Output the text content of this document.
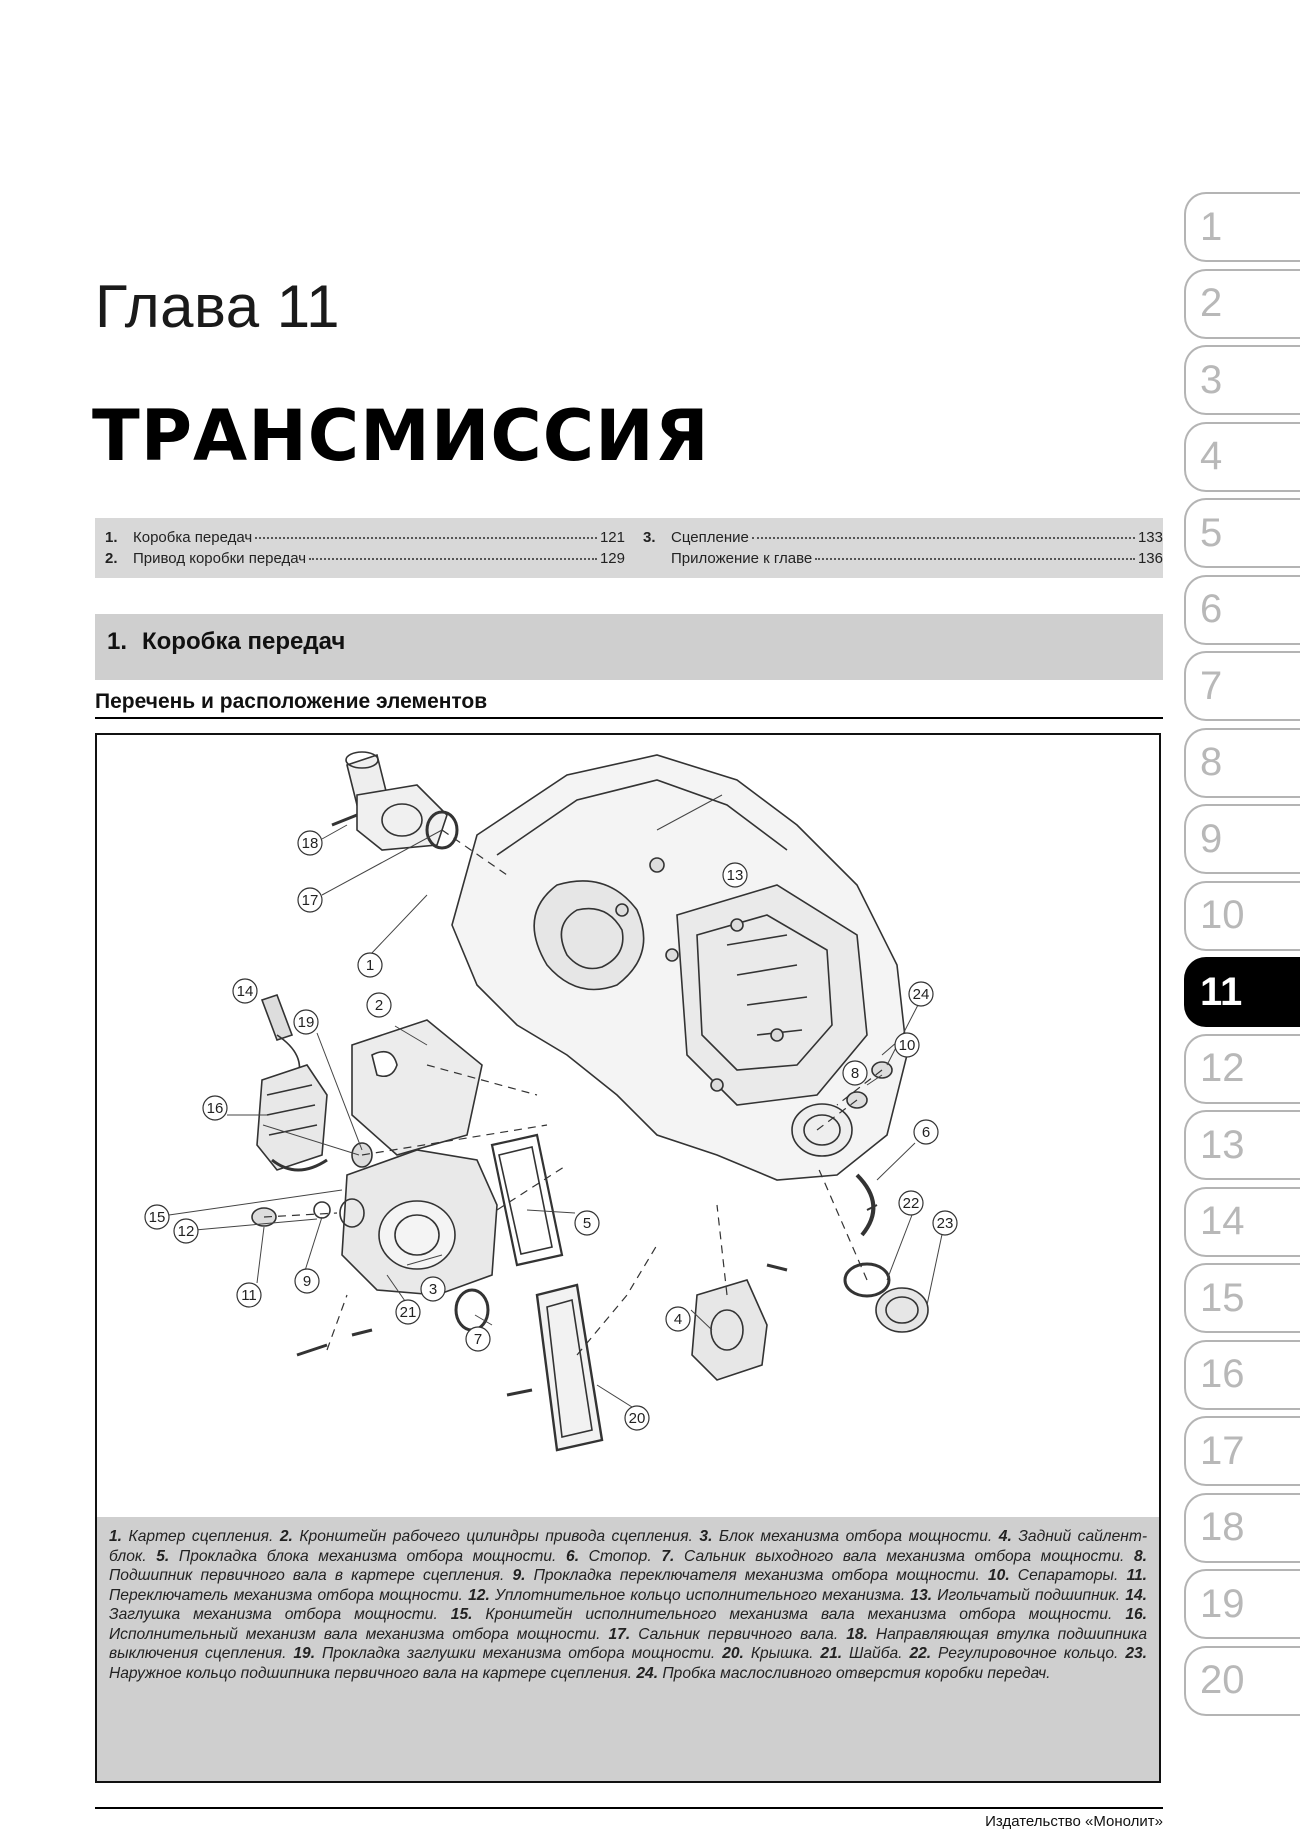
Глава 11
ТРАНСМИССИЯ
1.	Коробка передач	121
2.	Привод коробки передач	129
3.	Сцепление	133
Приложение к главе	136
1. Коробка передач
Перечень и расположение элементов
1
2
3
4
5
6
7
8
9
10
11
12
13
14
15
16
17
18
19
20
21
22
23
24
1. Картер сцепления. 2. Кронштейн рабочего цилиндры привода сцепления. 3. Блок механизма отбора мощности. 4. Задний сайлент-блок. 5. Прокладка блока механизма отбора мощности. 6. Стопор. 7. Сальник выходного вала механизма отбора мощности. 8. Подшипник первичного вала в картере сцепления. 9. Прокладка переключателя механизма отбора мощности. 10. Сепараторы. 11. Переключатель механизма отбора мощности. 12. Уплотнительное кольцо исполнительного механизма. 13. Игольчатый подшипник. 14. Заглушка механизма отбора мощности. 15. Кронштейн исполнительного механизма вала механизма отбора мощности. 16. Исполнительный механизм вала механизма отбора мощности. 17. Сальник первичного вала. 18. Направляющая втулка подшипника выключения сцепления. 19. Прокладка заглушки механизма отбора мощности. 20. Крышка. 21. Шайба. 22. Регулировочное кольцо. 23. Наружное кольцо подшипника первичного вала на картере сцепления. 24. Пробка маслосливного отверстия коробки передач.
Издательство «Монолит»
1
2
3
4
5
6
7
8
9
10
11
12
13
14
15
16
17
18
19
20
